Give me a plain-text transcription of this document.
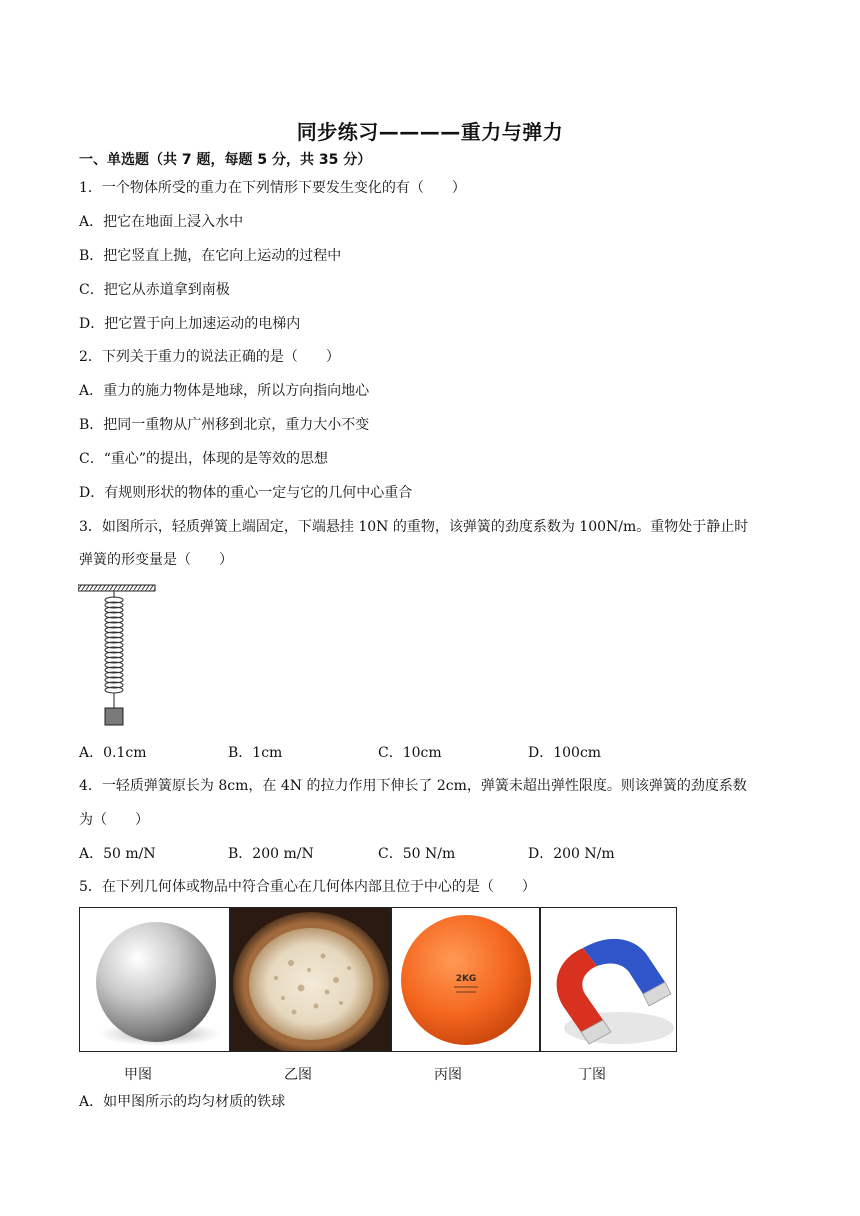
同步练习————重力与弹力
一、单选题（共 7 题，每题 5 分，共 35 分）
1．一个物体所受的重力在下列情形下要发生变化的有（　　）
A．把它在地面上浸入水中
B．把它竖直上抛，在它向上运动的过程中
C．把它从赤道拿到南极
D．把它置于向上加速运动的电梯内
2．下列关于重力的说法正确的是（　　）
A．重力的施力物体是地球，所以方向指向地心
B．把同一重物从广州移到北京，重力大小不变
C．“重心”的提出，体现的是等效的思想
D．有规则形状的物体的重心一定与它的几何中心重合
3．如图所示，轻质弹簧上端固定，下端悬挂 10N 的重物，该弹簧的劲度系数为 100N/m。重物处于静止时
弹簧的形变量是（　　）
A．0.1cm	B．1cm	C．10cm	D．100cm
4．一轻质弹簧原长为 8cm，在 4N 的拉力作用下伸长了 2cm，弹簧未超出弹性限度。则该弹簧的劲度系数
为（　　）
A．50 m/N	B．200 m/N	C．50 N/m	D．200 N/m
5．在下列几何体或物品中符合重心在几何体内部且位于中心的是（　　）
2KG
甲图	乙图	丙图	丁图
A．如甲图所示的均匀材质的铁球
